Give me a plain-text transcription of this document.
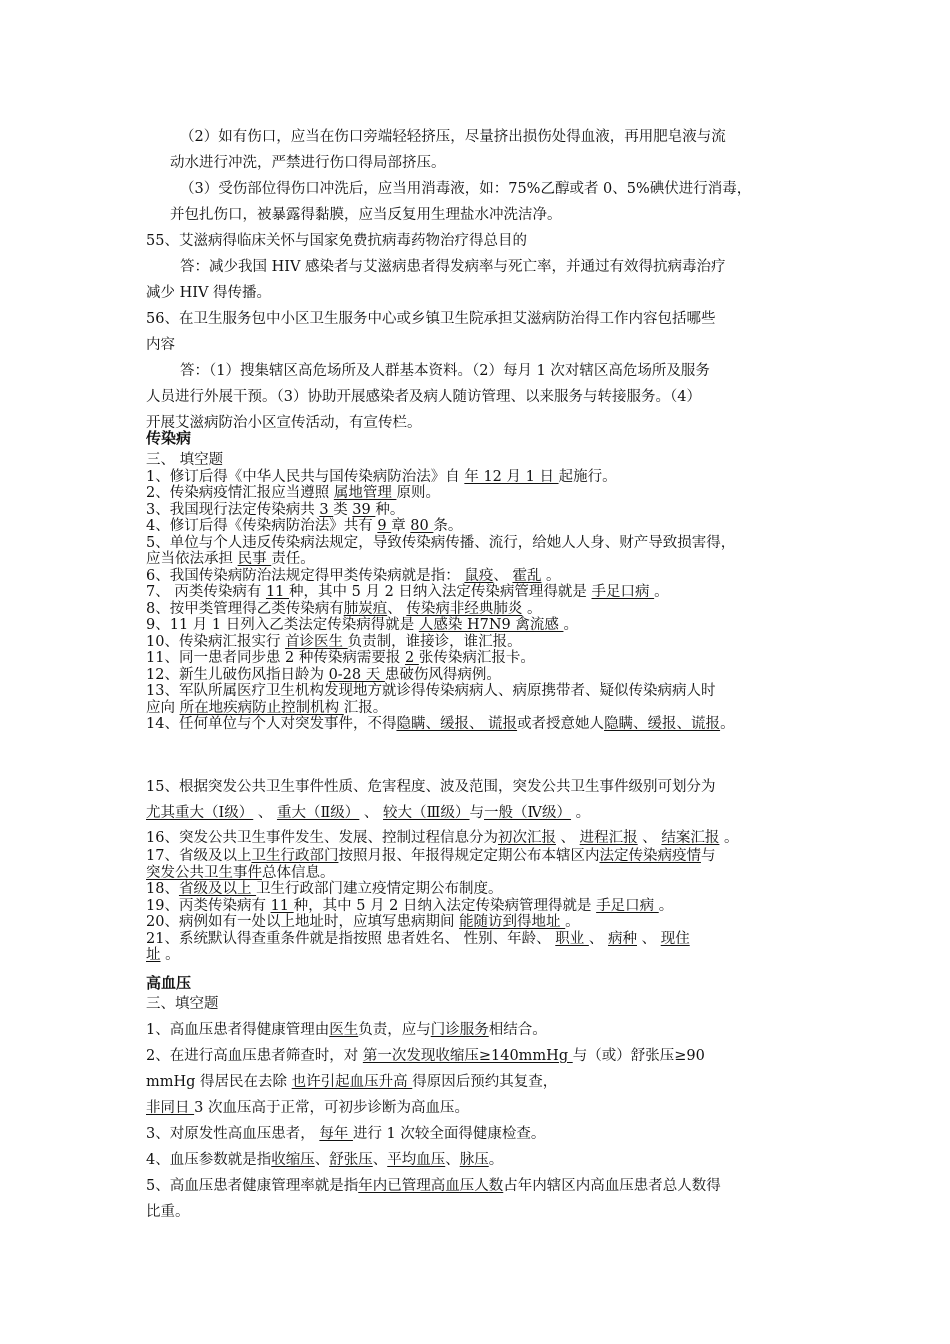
（2）如有伤口，应当在伤口旁端轻轻挤压，尽量挤出损伤处得血液，再用肥皂液与流

动水进行冲洗，严禁进行伤口得局部挤压。

（3）受伤部位得伤口冲洗后，应当用消毒液，如：75%乙醇或者 0、5%碘伏进行消毒，

并包扎伤口，被暴露得黏膜，应当反复用生理盐水冲洗洁净。

55、艾滋病得临床关怀与国家免费抗病毒药物治疗得总目的

答：减少我国 HIV 感染者与艾滋病患者得发病率与死亡率，并通过有效得抗病毒治疗

减少 HIV 得传播。

56、在卫生服务包中小区卫生服务中心或乡镇卫生院承担艾滋病防治得工作内容包括哪些

内容

答：（1）搜集辖区高危场所及人群基本资料。（2）每月 1 次对辖区高危场所及服务

人员进行外展干预。（3）协助开展感染者及病人随访管理、以来服务与转接服务。（4）

开展艾滋病防治小区宣传活动，有宣传栏。

传染病

三、 填空题

1、修订后得《中华人民共与国传染病防治法》自 年 12 月 1 日 起施行。

2、传染病疫情汇报应当遵照 属地管理 原则。

3、我国现行法定传染病共 3 类 39 种。

4、修订后得《传染病防治法》共有 9 章 80 条。

5、单位与个人违反传染病法规定，导致传染病传播、流行，给她人人身、财产导致损害得，

应当依法承担 民事 责任。

6、我国传染病防治法规定得甲类传染病就是指： 鼠疫、 霍乱 。

7、 丙类传染病有 11 种，其中 5 月 2 日纳入法定传染病管理得就是 手足口病 。

8、按甲类管理得乙类传染病有肺炭疽、 传染病非经典肺炎 。

9、11 月 1 日列入乙类法定传染病得就是 人感染 H7N9 禽流感 。

10、传染病汇报实行 首诊医生 负责制，谁接诊，谁汇报。

11、同一患者同步患 2 种传染病需要报 2 张传染病汇报卡。

12、新生儿破伤风指日龄为 0-28 天 患破伤风得病例。

13、军队所属医疗卫生机构发现地方就诊得传染病病人、病原携带者、疑似传染病病人时

应向 所在地疾病防止控制机构 汇报。

14、任何单位与个人对突发事件，不得隐瞒、缓报、 谎报或者授意她人隐瞒、缓报、谎报。

15、根据突发公共卫生事件性质、危害程度、波及范围，突发公共卫生事件级别可划分为

尤其重大（Ⅰ级） 、 重大（Ⅱ级） 、 较大（Ⅲ级）与一般（Ⅳ级） 。

16、突发公共卫生事件发生、发展、控制过程信息分为初次汇报 、 进程汇报 、 结案汇报 。

17、省级及以上卫生行政部门按照月报、年报得规定定期公布本辖区内法定传染病疫情与

突发公共卫生事件总体信息。

18、省级及以上 卫生行政部门建立疫情定期公布制度。

19、丙类传染病有 11 种，其中 5 月 2 日纳入法定传染病管理得就是 手足口病 。

20、病例如有一处以上地址时，应填写患病期间 能随访到得地址 。

21、系统默认得查重条件就是指按照 患者姓名、 性别、年龄、 职业 、 病种 、 现住

址 。

高血压

三、填空题

1、高血压患者得健康管理由医生负责，应与门诊服务相结合。

2、在进行高血压患者筛查时，对 第一次发现收缩压≥140mmHg 与（或）舒张压≥90

mmHg 得居民在去除 也许引起血压升高 得原因后预约其复查，

非同日 3 次血压高于正常，可初步诊断为高血压。

3、对原发性高血压患者， 每年 进行 1 次较全面得健康检查。

4、血压参数就是指收缩压、舒张压、平均血压、脉压。

5、高血压患者健康管理率就是指年内已管理高血压人数占年内辖区内高血压患者总人数得

比重。
